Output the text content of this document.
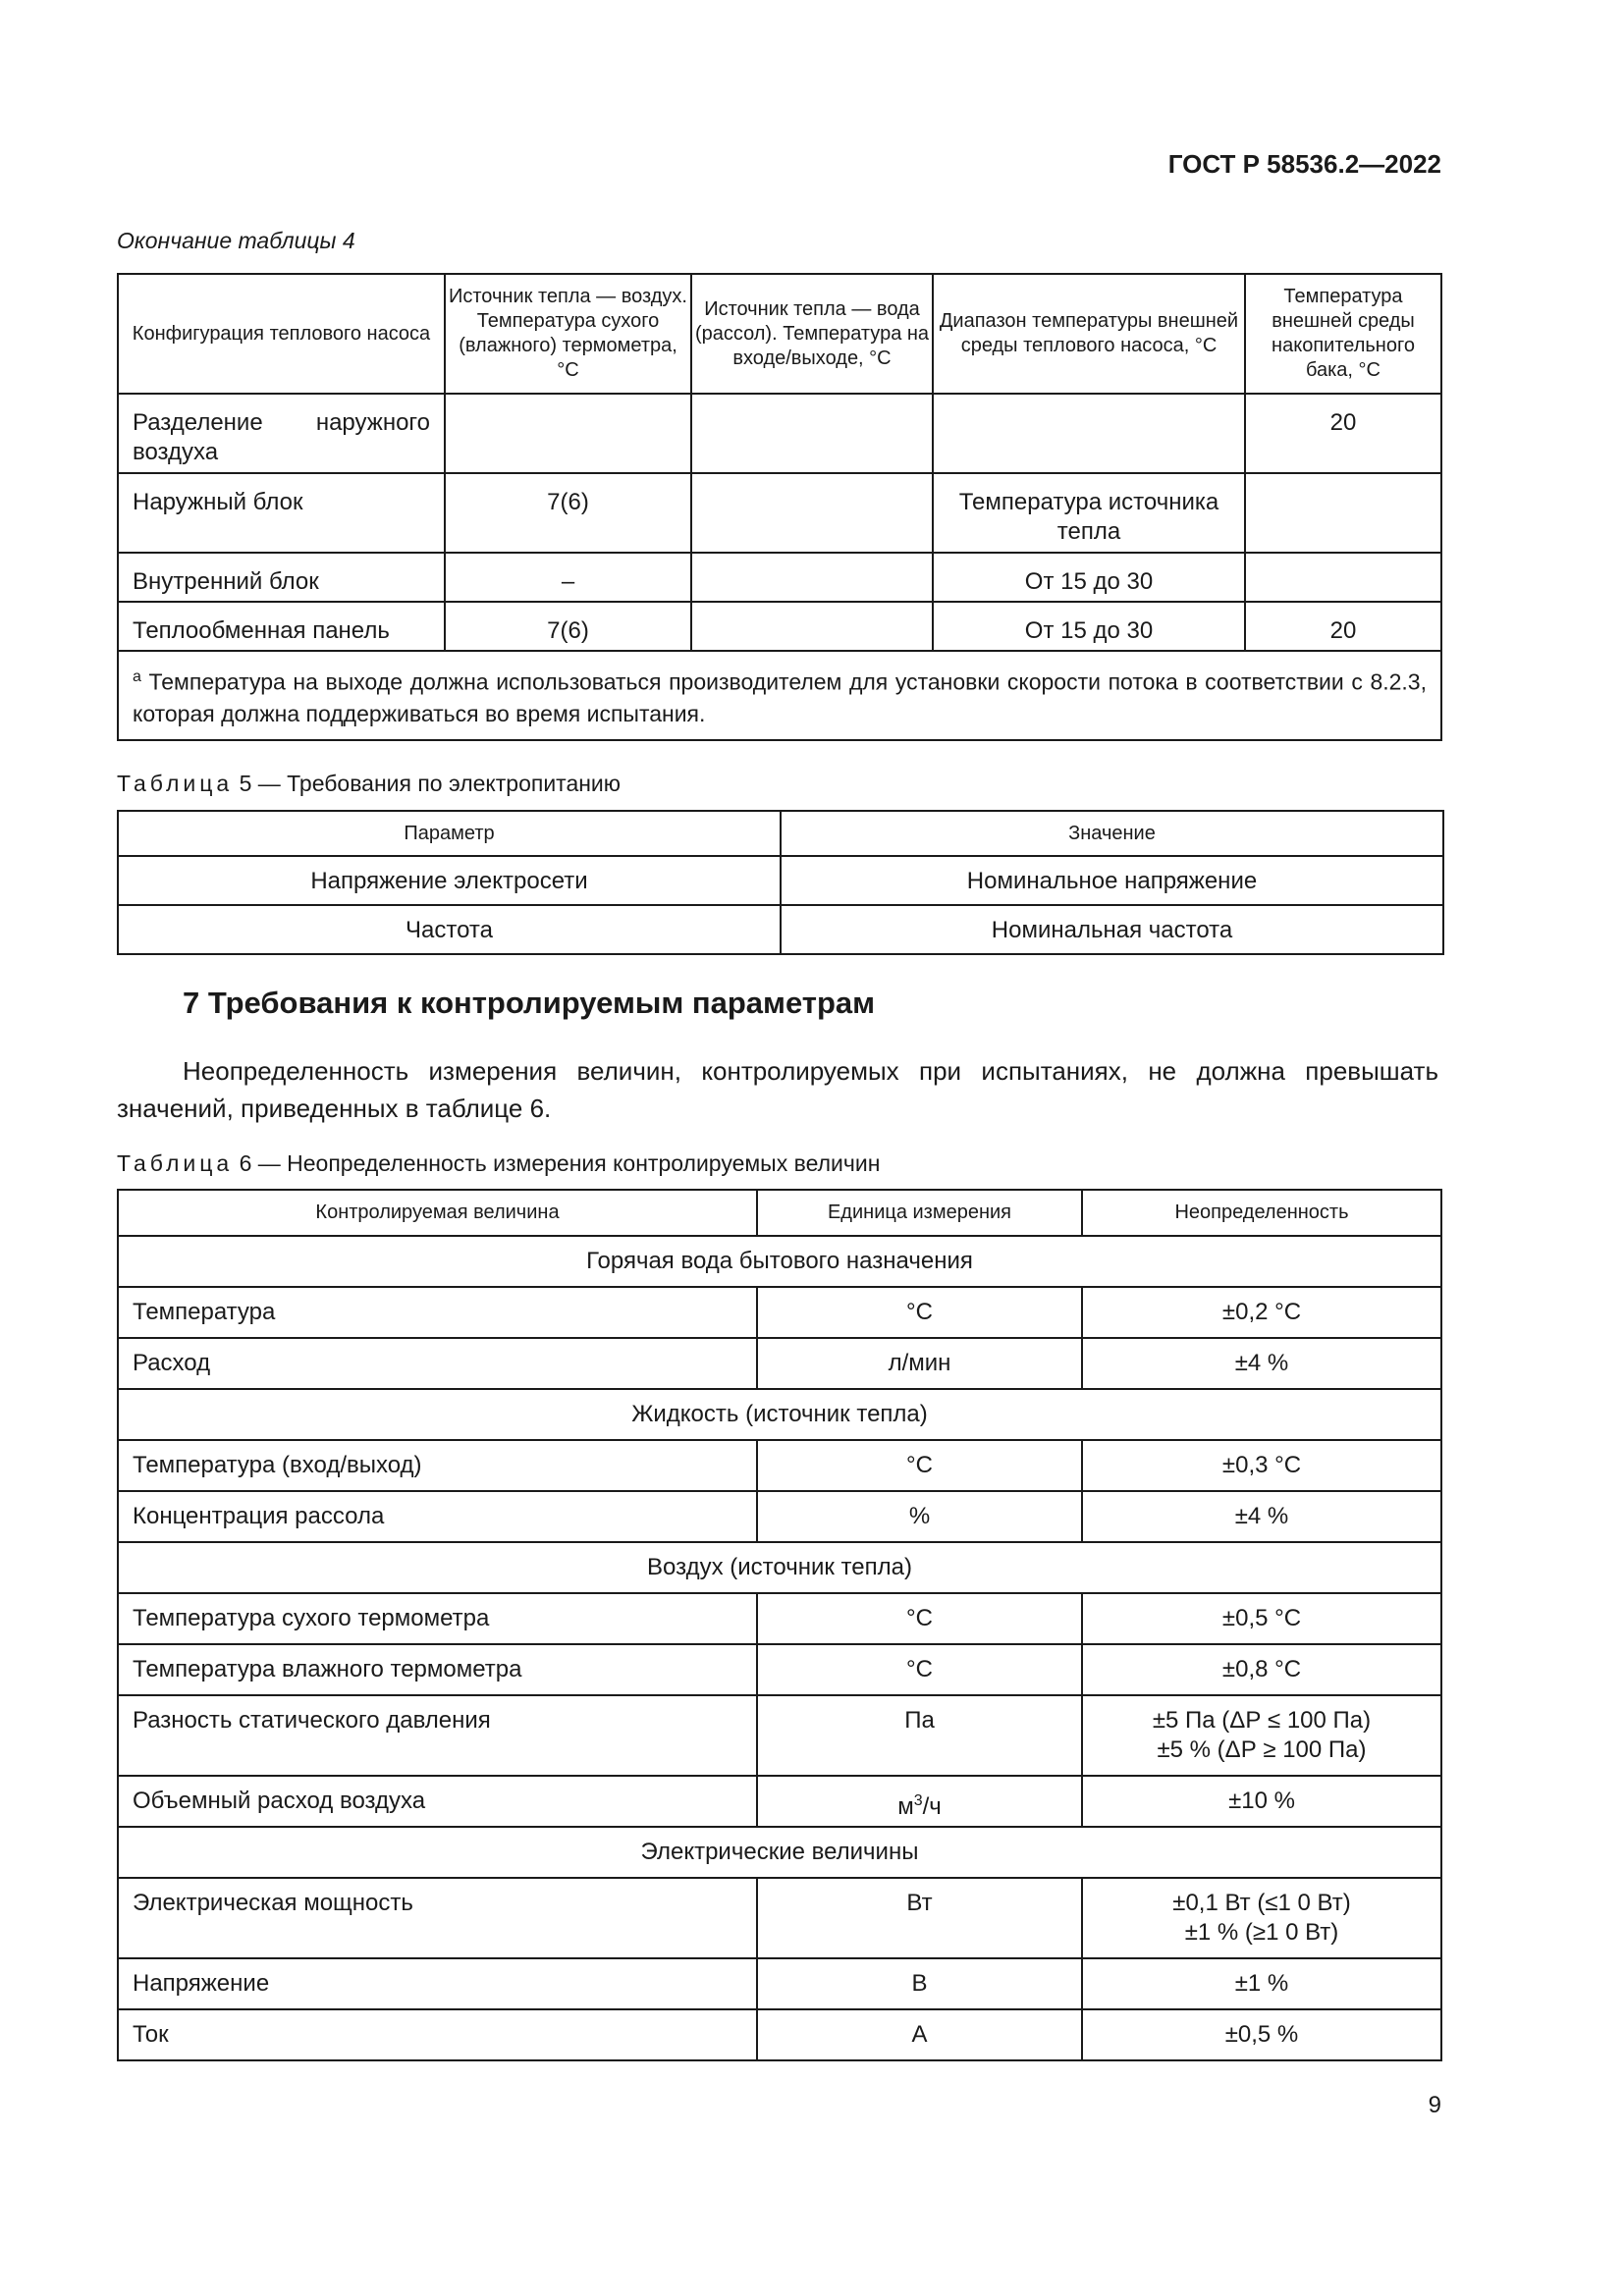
ГОСТ Р 58536.2—2022
Окончание таблицы 4
Конфигурация теплового насоса	Источник тепла — воздух. Температура сухого (влажного) термометра, °С	Источник тепла — вода (рассол). Температура на входе/выходе, °С	Диапазон температуры внешней среды теплового насоса, °С	Температура внешней среды накопительного бака, °С
Разделение наружного воздуха				20
Наружный блок	7(6)		Температура источника тепла	
Внутренний блок	–		От 15 до 30	
Теплообменная панель	7(6)		От 15 до 30	20
$^а$ Температура на выходе должна использоваться производителем для установки скорости потока в соответствии с 8.2.3, которая должна поддерживаться во время испытания.				
Таблица 5 — Требования по электропитанию
Параметр	Значение
Напряжение электросети	Номинальное напряжение
Частота	Номинальная частота
7 Требования к контролируемым параметрам
Неопределенность измерения величин, контролируемых при испытаниях, не должна превышать значений, приведенных в таблице 6.
Таблица 6 — Неопределенность измерения контролируемых величин
Контролируемая величина	Единица измерения	Неопределенность
Горячая вода бытового назначения		
Температура	°С	±0,2 °С
Расход	л/мин	±4 %
Жидкость (источник тепла)		
Температура (вход/выход)	°С	±0,3 °С
Концентрация рассола	%	±4 %
Воздух (источник тепла)		
Температура сухого термометра	°С	±0,5 °С
Температура влажного термометра	°С	±0,8 °С
Разность статического давления	Па	±5 Па (ΔР ≤ 100 Па)
±5 % (ΔР ≥ 100 Па)

Объемный расход воздуха	$м^3/ч$	±10 %
Электрические величины		
Электрическая мощность	Вт	±0,1 Вт (≤1 0 Вт)
±1 % (≥1 0 Вт)

Напряжение	В	±1 %
Ток	А	±0,5 %
9
